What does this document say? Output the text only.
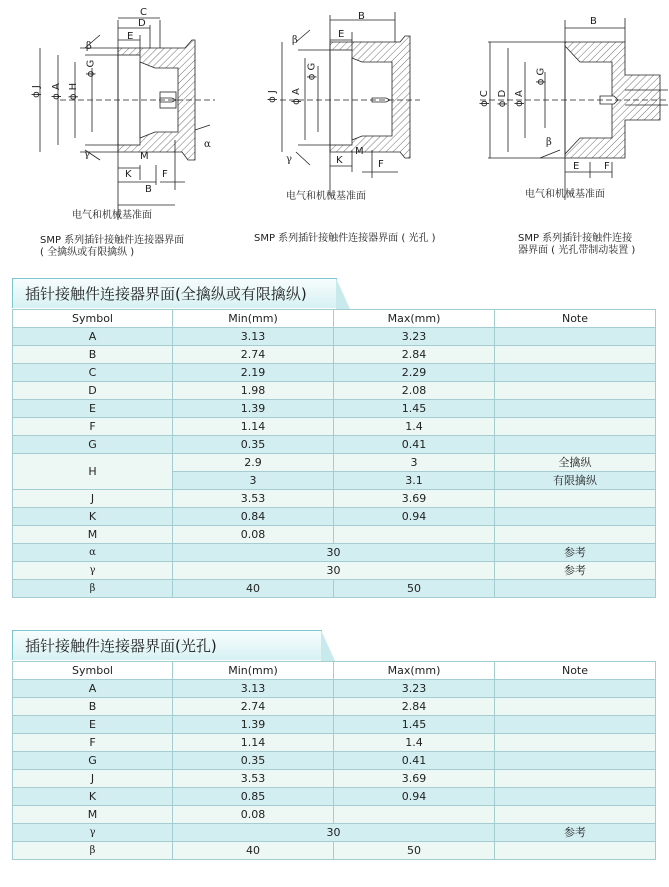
C
D
E
β
ϕ J ϕ A ϕ H
ϕ G
γ	M
K	F
B
α
电气和机械基准面
SMP 系列插针接触件连接器界面
( 全擒纵或有限擒纵 )
B
E
β
ϕ J ϕ A
ϕ G
γ	K
M
F
电气和机械基准面
SMP 系列插针接触件连接器界面 ( 光孔 )
B
ϕ C ϕ D ϕ A
ϕ G
β
E F
电气和机械基准面
SMP 系列插针接触件连接
器界面 ( 光孔带制动装置 )
插针接触件连接器界面(全擒纵或有限擒纵)
Symbol	Min(mm)	Max(mm)	Note
A	3.13	3.23	
B	2.74	2.84	
C	2.19	2.29	
D	1.98	2.08	
E	1.39	1.45	
F	1.14	1.4	
G	0.35	0.41	
H	2.9	3	全擒纵
	3	3.1	有限擒纵
J	3.53	3.69	
K	0.84	0.94	
M	0.08		
α	30		参考
γ	30		参考
β	40	50	
插针接触件连接器界面(光孔)
Symbol	Min(mm)	Max(mm)	Note
A	3.13	3.23	
B	2.74	2.84	
E	1.39	1.45	
F	1.14	1.4	
G	0.35	0.41	
J	3.53	3.69	
K	0.85	0.94	
M	0.08		
γ	30		参考
β	40	50	
